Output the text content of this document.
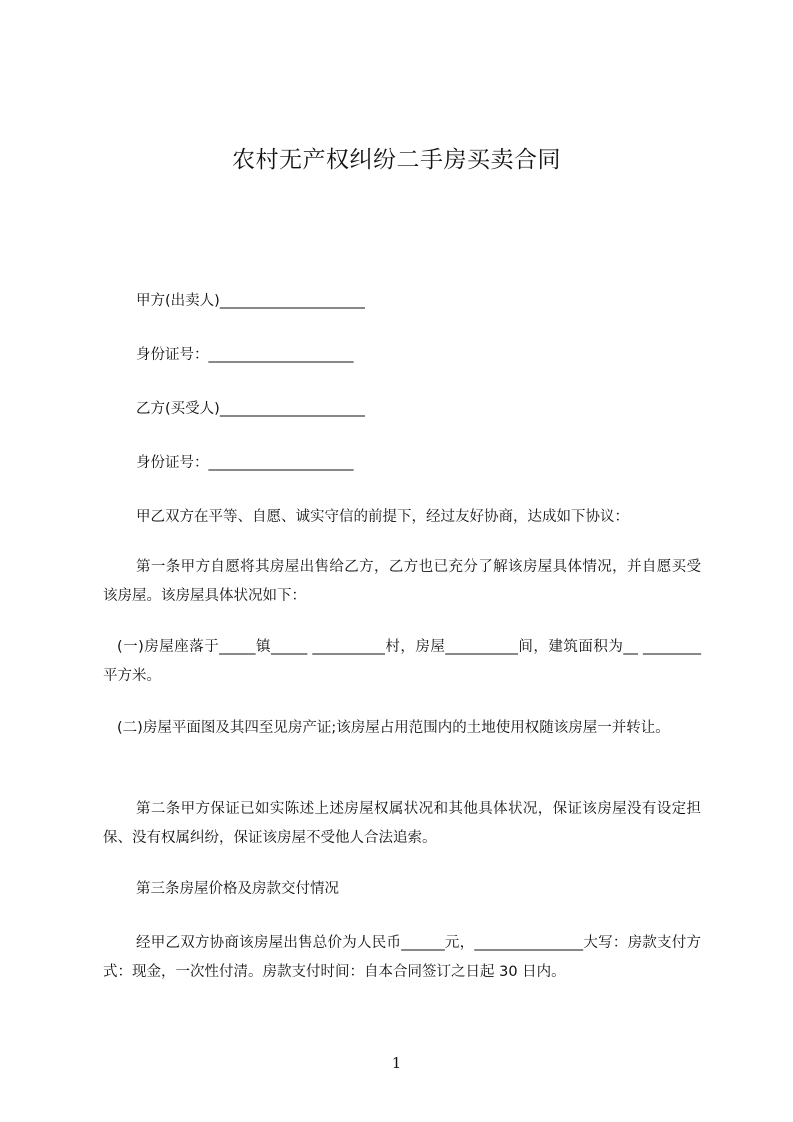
农村无产权纠纷二手房买卖合同
甲方(出卖人)____________________
身份证号：____________________
乙方(买受人)____________________
身份证号：____________________
甲乙双方在平等、自愿、诚实守信的前提下，经过友好协商，达成如下协议：
第一条甲方自愿将其房屋出售给乙方，乙方也已充分了解该房屋具体情况，并自愿买受该房屋。该房屋具体状况如下：
(一)房屋座落于_____镇_____ __________村，房屋__________间，建筑面积为__ ________平方米。
(二)房屋平面图及其四至见房产证;该房屋占用范围内的土地使用权随该房屋一并转让。
第二条甲方保证已如实陈述上述房屋权属状况和其他具体状况，保证该房屋没有设定担保、没有权属纠纷，保证该房屋不受他人合法追索。
第三条房屋价格及房款交付情况
经甲乙双方协商该房屋出售总价为人民币______元，_______________大写：房款支付方式：现金，一次性付清。房款支付时间：自本合同签订之日起 30 日内。
1
